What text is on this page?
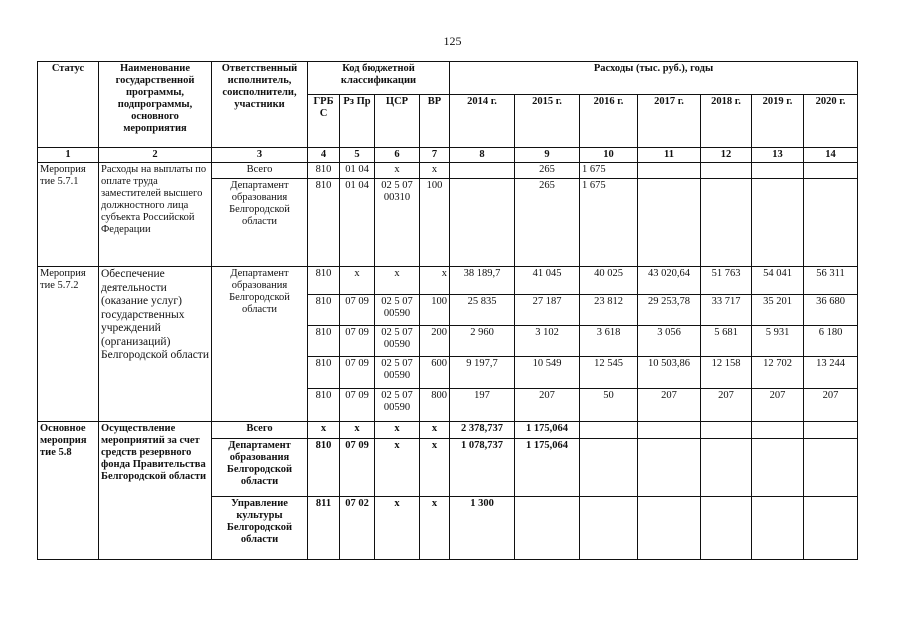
125
Статус	Наименование государственной программы, подпрограммы, основного мероприятия	Ответственный исполнитель, соисполнители, участники	Код бюджетной классификации				Расходы (тыс. руб.), годы						
			ГРБ С	Рз Пр	ЦСР	ВР	2014 г.	2015 г.	2016 г.	2017 г.	2018 г.	2019 г.	2020 г.
1	2	3	4	5	6	7	8	9	10	11	12	13	14
Мероприя тие 5.7.1	Расходы на выплаты по оплате труда заместителей высшего должностного лица субъекта Российской Федерации	Всего	810	01 04	х	х		265	1 675				
		Департамент образования Белгородской области	810	01 04	02 5 07 00310	100		265	1 675				
Мероприя тие 5.7.2	Обеспечение деятельности (оказание услуг) государственных учреждений (организаций) Белгородской области	Департамент образования Белгородской области	810	х	х	х	38 189,7	41 045	40 025	43 020,64	51 763	54 041	56 311
			810	07 09	02 5 07 00590	100	25 835	27 187	23 812	29 253,78	33 717	35 201	36 680
			810	07 09	02 5 07 00590	200	2 960	3 102	3 618	3 056	5 681	5 931	6 180
			810	07 09	02 5 07 00590	600	9 197,7	10 549	12 545	10 503,86	12 158	12 702	13 244
			810	07 09	02 5 07 00590	800	197	207	50	207	207	207	207
Основное мероприя тие 5.8	Осуществление мероприятий за счет средств резервного фонда Правительства Белгородской области	Всего	х	х	х	х	2 378,737	1 175,064					
		Департамент образования Белгородской области	810	07 09	х	х	1 078,737	1 175,064					
		Управление культуры Белгородской области	811	07 02	х	х	1 300						
